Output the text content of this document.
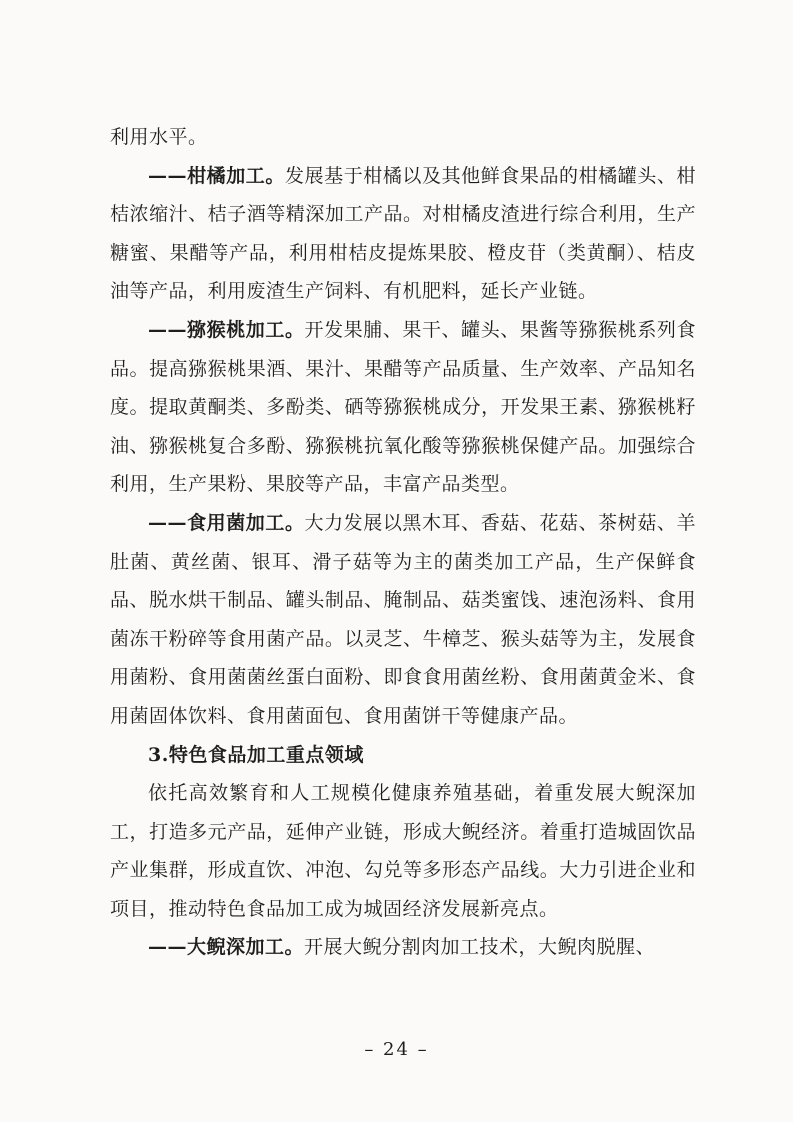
利用水平。

——柑橘加工。发展基于柑橘以及其他鲜食果品的柑橘罐头、柑桔浓缩汁、桔子酒等精深加工产品。对柑橘皮渣进行综合利用，生产糖蜜、果醋等产品，利用柑桔皮提炼果胶、橙皮苷（类黄酮）、桔皮油等产品，利用废渣生产饲料、有机肥料，延长产业链。

——猕猴桃加工。开发果脯、果干、罐头、果酱等猕猴桃系列食品。提高猕猴桃果酒、果汁、果醋等产品质量、生产效率、产品知名度。提取黄酮类、多酚类、硒等猕猴桃成分，开发果王素、猕猴桃籽油、猕猴桃复合多酚、猕猴桃抗氧化酸等猕猴桃保健产品。加强综合利用，生产果粉、果胶等产品，丰富产品类型。

——食用菌加工。大力发展以黑木耳、香菇、花菇、茶树菇、羊肚菌、黄丝菌、银耳、滑子菇等为主的菌类加工产品，生产保鲜食品、脱水烘干制品、罐头制品、腌制品、菇类蜜饯、速泡汤料、食用菌冻干粉碎等食用菌产品。以灵芝、牛樟芝、猴头菇等为主，发展食用菌粉、食用菌菌丝蛋白面粉、即食食用菌丝粉、食用菌黄金米、食用菌固体饮料、食用菌面包、食用菌饼干等健康产品。

3.特色食品加工重点领域

依托高效繁育和人工规模化健康养殖基础，着重发展大鲵深加工，打造多元产品，延伸产业链，形成大鲵经济。着重打造城固饮品产业集群，形成直饮、冲泡、勾兑等多形态产品线。大力引进企业和项目，推动特色食品加工成为城固经济发展新亮点。

——大鲵深加工。开展大鲵分割肉加工技术，大鲵肉脱腥、

– 24 –
